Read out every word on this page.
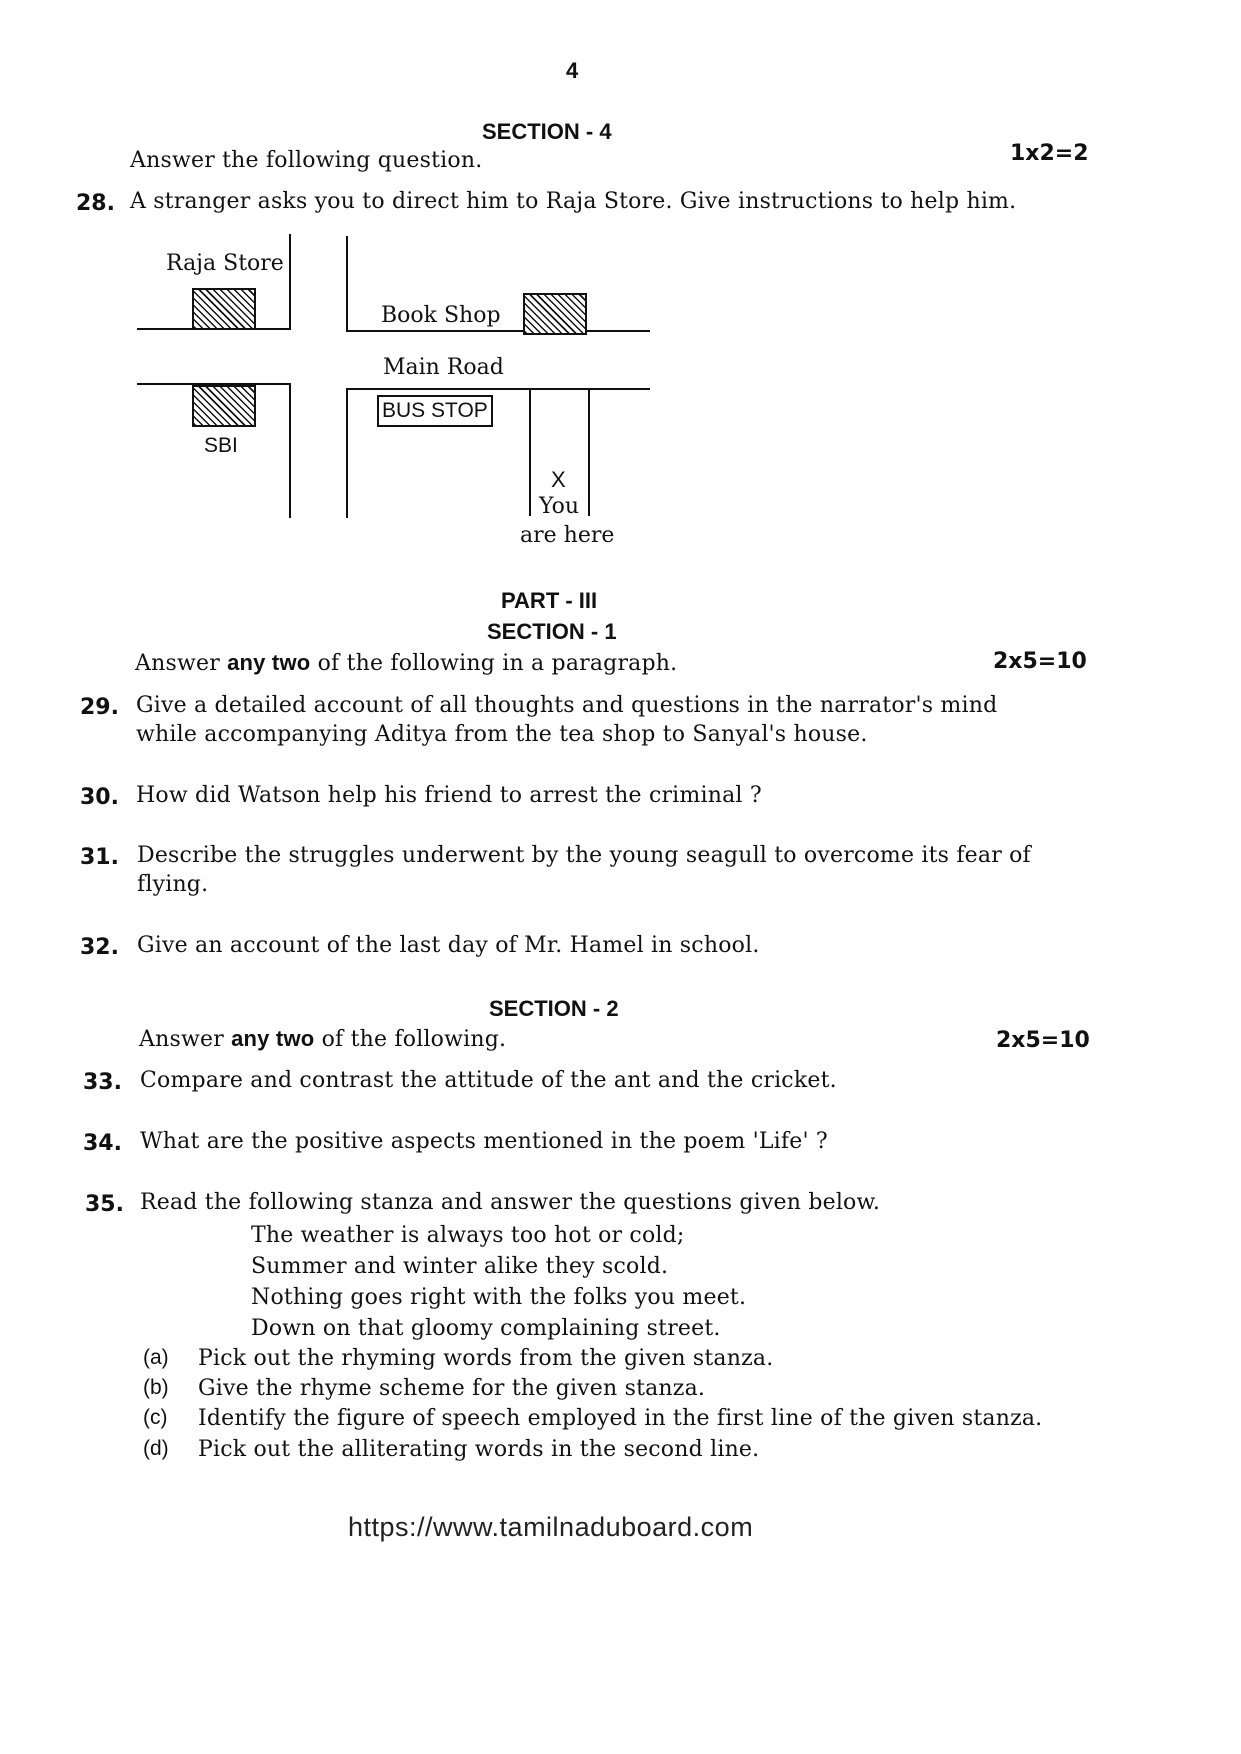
4
SECTION - 4
Answer the following question.	1x2=2
28. A stranger asks you to direct him to Raja Store. Give instructions to help him.
Raja Store
Book Shop
Main Road
BUS STOP
SBI
X
You
are here
PART - III
SECTION - 1
Answer any two of the following in a paragraph.	2x5=10
29. Give a detailed account of all thoughts and questions in the narrator's mind
while accompanying Aditya from the tea shop to Sanyal's house.
30. How did Watson help his friend to arrest the criminal ?
31. Describe the struggles underwent by the young seagull to overcome its fear of
flying.
32. Give an account of the last day of Mr. Hamel in school.
SECTION - 2
Answer any two of the following.	2x5=10
33. Compare and contrast the attitude of the ant and the cricket.
34. What are the positive aspects mentioned in the poem 'Life' ?
35. Read the following stanza and answer the questions given below.
The weather is always too hot or cold;
Summer and winter alike they scold.
Nothing goes right with the folks you meet.
Down on that gloomy complaining street.
(a) Pick out the rhyming words from the given stanza.
(b) Give the rhyme scheme for the given stanza.
(c) Identify the figure of speech employed in the first line of the given stanza.
(d) Pick out the alliterating words in the second line.
https://www.tamilnaduboard.com
